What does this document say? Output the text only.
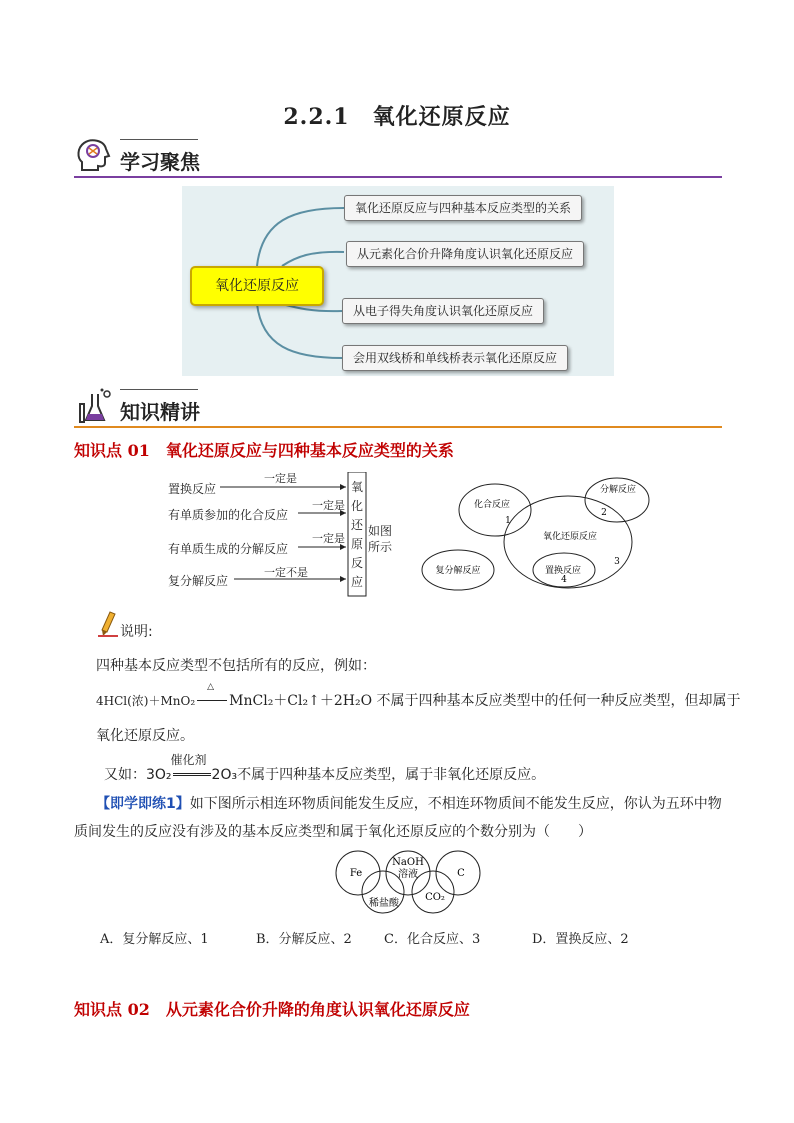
2.2.1　氧化还原反应
学习聚焦
氧化还原反应
氧化还原反应与四种基本反应类型的关系
从元素化合价升降角度认识氧化还原反应
从电子得失角度认识氧化还原反应
会用双线桥和单线桥表示氧化还原反应
知识精讲
知识点 01 氧化还原反应与四种基本反应类型的关系
置换反应
有单质参加的化合反应
有单质生成的分解反应
复分解反应
一定是
一定是
一定是
一定不是
氧
化
还
原
反
应
如图
所示
化合反应
分解反应
氧化还原反应
复分解反应	置换反应
1
2
3
4
说明:
四种基本反应类型不包括所有的反应，例如：
4HCl(浓)＋MnO₂
△
MnCl₂＋Cl₂↑＋2H₂O 不属于四种基本反应类型中的任何一种反应类型，但却属于
氧化还原反应。
又如：3O₂
催化剂
2O₃不属于四种基本反应类型，属于非氧化还原反应。
【即学即练1】如下图所示相连环物质间能发生反应，不相连环物质间不能发生反应，你认为五环中物
质间发生的反应没有涉及的基本反应类型和属于氧化还原反应的个数分别为（　　）
Fe
NaOH
溶液	C
稀盐酸
CO₂
A．复分解反应、1	B．分解反应、2 C．化合反应、3	D．置换反应、2
知识点 02 从元素化合价升降的角度认识氧化还原反应
